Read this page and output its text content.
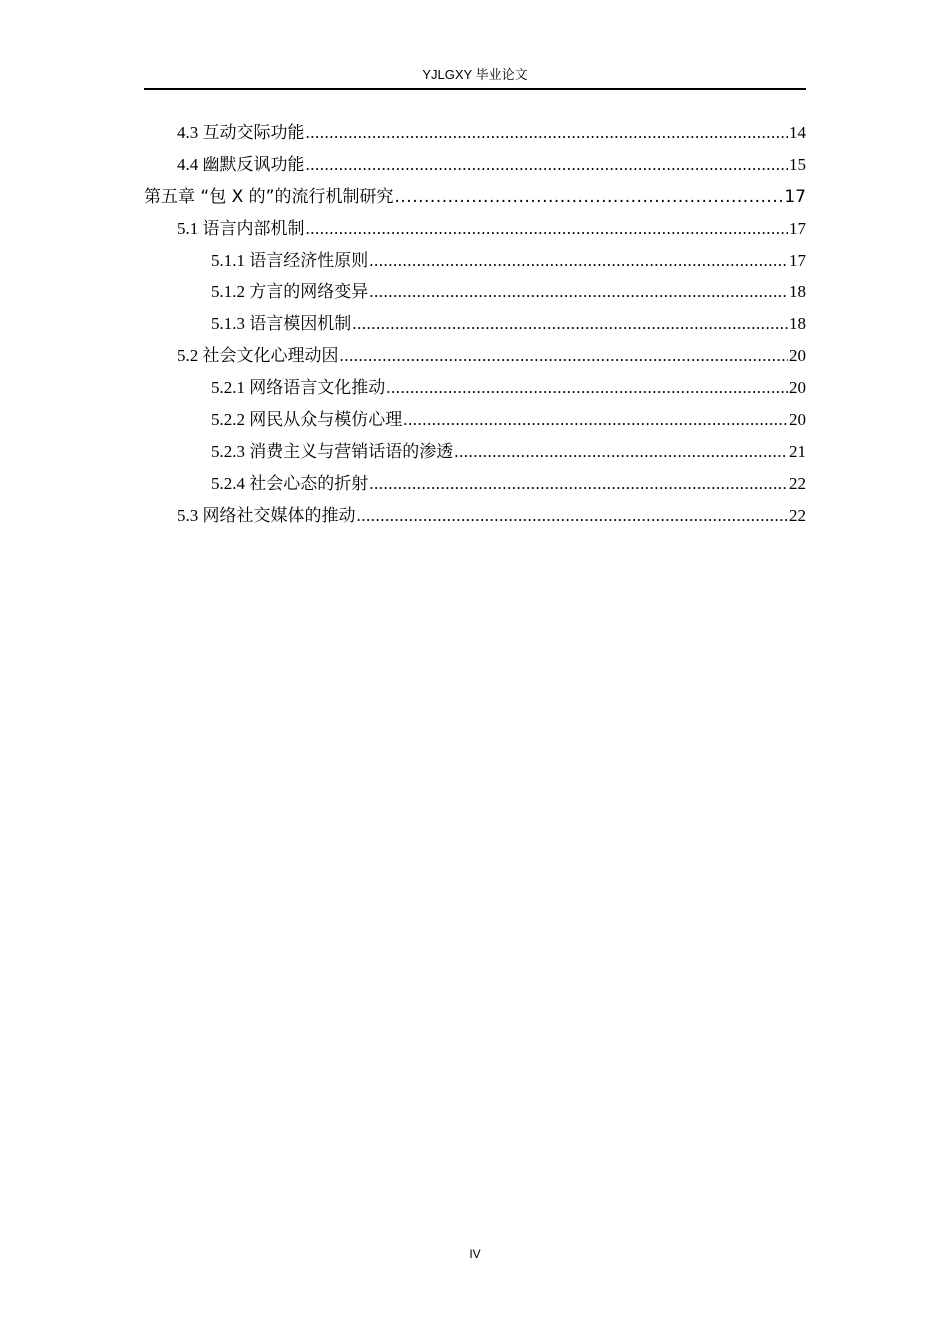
YJLGXY 毕业论文
4.3 互动交际功能 .....	14
4.4 幽默反讽功能 .....	15
第五章 “包 X 的”的流行机制研究 .....	17
5.1 语言内部机制 .....	17
5.1.1 语言经济性原则 .....	17
5.1.2 方言的网络变异 .....	18
5.1.3 语言模因机制 .....	18
5.2 社会文化心理动因 .....	20
5.2.1 网络语言文化推动 .....	20
5.2.2 网民从众与模仿心理 .....	20
5.2.3 消费主义与营销话语的渗透 .....	21
5.2.4 社会心态的折射 .....	22
5.3 网络社交媒体的推动 .....	22
IV
